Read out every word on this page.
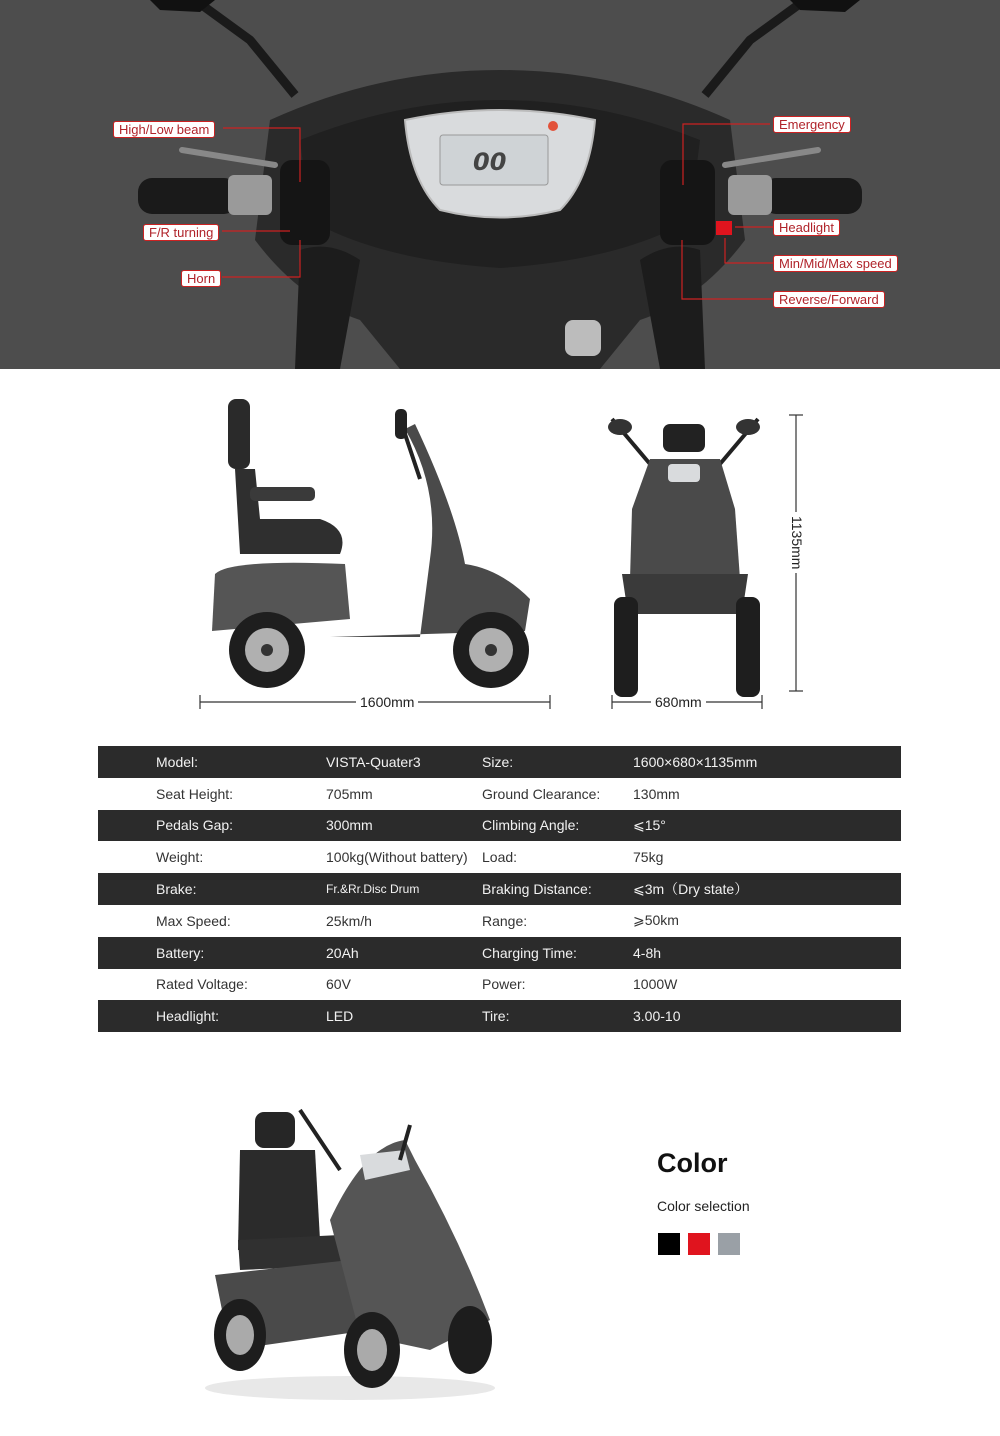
00
High/Low beam
F/R turning
Horn
Emergency
Headlight
Min/Mid/Max speed
Reverse/Forward
1600mm	680mm
1135mm
Model:	VISTA-Quater3	Size:	1600×680×1135mm
Seat Height:	705mm	Ground Clearance:	130mm
Pedals Gap:	300mm	Climbing Angle:	⩽15°
Weight:	100kg(Without battery)	Load:	75kg
Brake:	Fr.&Rr.Disc Drum	Braking Distance:	⩽3m（Dry state）
Max Speed:	25km/h	Range:	⩾50km
Battery:	20Ah	Charging Time:	4-8h
Rated Voltage:	60V	Power:	1000W
Headlight:	LED	Tire:	3.00-10
Color
Color selection
